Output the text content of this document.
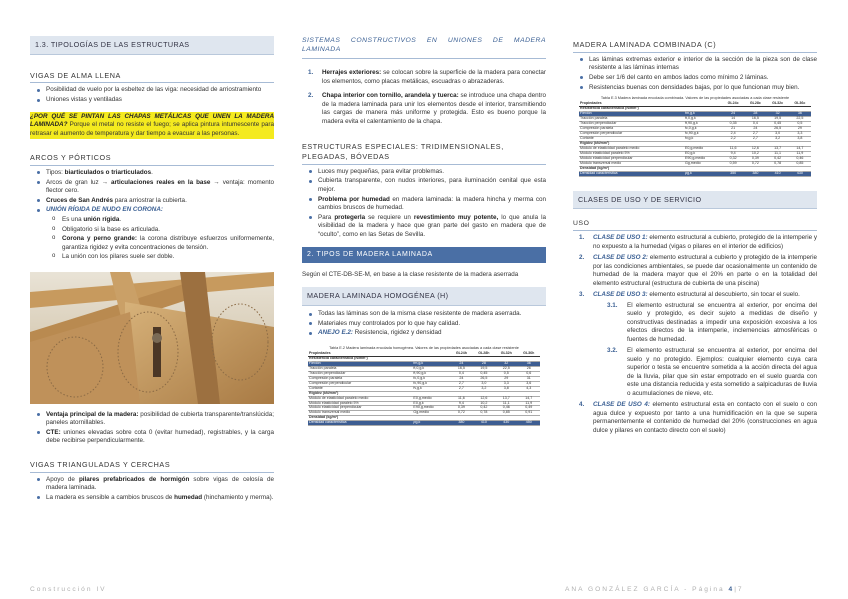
1.3. TIPOLOGÍAS DE LAS ESTRUCTURAS
VIGAS DE ALMA LLENA
Posibilidad de vuelo por la esbeltez de las viga: necesidad de arriostramiento
Uniones vistas y ventiladas
¿POR QUÉ SE PINTAN LAS CHAPAS METÁLICAS QUE UNEN LA MADERA LAMINADA? Porque el metal no resiste el fuego; se aplica pintura intumescente para retrasar el aumento de temperatura y dar tiempo a evacuar a las personas.
ARCOS Y PÓRTICOS
Tipos: biarticulados o triarticulados.
Arcos de gran luz → articulaciones reales en la base → ventaja: momento flector cero.
Cruces de San Andrés para arriostrar la cubierta.
UNIÓN RÍGIDA DE NUDO EN CORONA:
o Es una unión rígida.
o Obligatorio si la base es articulada.
o Corona y perno grande: la corona distribuye esfuerzos uniformemente, garantiza rigidez y evita concentraciones de tensión.
o La unión con los pilares suele ser doble.
Ventaja principal de la madera: posibilidad de cubierta transparente/translúcida; paneles atornillables.
CTE: uniones elevadas sobre cota 0 (evitar humedad), registrables, y la carga debe recibirse perpendicularmente.
VIGAS TRIANGULADAS Y CERCHAS
Apoyo de pilares prefabricados de hormigón sobre vigas de celosía de madera laminada.
La madera es sensible a cambios bruscos de humedad (hinchamiento y merma).
SISTEMAS CONSTRUCTIVOS EN UNIONES DE MADERA LAMINADA
1. Herrajes exteriores: se colocan sobre la superficie de la madera para conectar los elementos, como placas metálicas, escuadras o abrazaderas.
2. Chapa interior con tornillo, arandela y tuerca: se introduce una chapa dentro de la madera laminada para unir los elementos desde el interior, transmitiendo las cargas de manera más uniforme y protegida. Esto es bueno porque la madera evita el calentamiento de la chapa.
ESTRUCTURAS ESPECIALES: TRIDIMENSIONALES, PLEGADAS, BÓVEDAS
Luces muy pequeñas, para evitar problemas.
Cubierta transparente, con nudos interiores, para iluminación cenital que esta mejor.
Problema por humedad en madera laminada: la madera hincha y merma con cambios bruscos de humedad.
Para protegerla se requiere un revestimiento muy potente, lo que anula la visibilidad de la madera y hace que gran parte del gasto en madera que de “oculto”, como en las Setas de Sevilla.
2. TIPOS DE MADERA LAMINADA
Según el CTE-DB-SE-M, en base a la clase resistente de la madera aserrada
MADERA LAMINADA HOMOGÉNEA (H)
Todas las láminas son de la misma clase resistente de madera aserrada.
Materiales muy controlados por lo que hay calidad.
ANEJO E.2: Resistencia, rigidez y densidad
Tabla E.2 Madera laminada encolada homogénea. Valores de las propiedades asociadas a cada clase resistente
Propiedades		GL24h	GL28h	GL32h	GL36h
Resistencia característica (N/mm²)					
Flexión	fm,g,k	24	28	32	36
Tracción paralela	ft,0,g,k	16,5	19,5	22,5	26
Tracción perpendicular	ft,90,g,k	0,4	0,45	0,5	0,6
Compresión paralela	fc,0,g,k	24	26,5	29	31
Compresión perpendicular	fc,90,g,k	2,7	3,0	3,3	3,6
Cortante	fv,g,k	2,7	3,2	3,8	4,3
Rigidez (kN/mm²)					
Módulo de elasticidad paralelo medio	E0,g,medio	11,6	12,6	13,7	14,7
Módulo elasticidad paralelo 5%	E0,g,k	9,4	10,2	11,1	11,9
Módulo elasticidad perpendicular	E90,g,medio	0,39	0,42	0,46	0,49
Módulo transversal medio	Gg,medio	0,72	0,78	0,85	0,91
Densidad (kg/m³)					
Densidad característica	ρg,k	380	410	430	450
MADERA LAMINADA COMBINADA (C)
Las láminas extremas exterior e interior de la sección de la pieza son de clase resistente a las láminas internas
Debe ser 1/6 del canto en ambos lados como mínimo 2 láminas.
Resistencias buenas con densidades bajas, por lo que funcionan muy bien.
Tabla E.3 Madera laminada encolada combinada. Valores de las propiedades asociadas a cada clase resistente
Propiedades		GL24c	GL28c	GL32c	GL36c
Resistencia característica (N/mm²)					
Flexión	fm,g,k	24	28	32	36
Tracción paralela	ft,0,g,k	14	16,5	19,5	22,5
Tracción perpendicular	ft,90,g,k	0,35	0,4	0,45	0,5
Compresión paralela	fc,0,g,k	21	24	26,5	29
Compresión perpendicular	fc,90,g,k	2,4	2,7	3,0	3,3
Cortante	fv,g,k	2,2	2,7	3,2	3,8
Rigidez (kN/mm²)					
Módulo de elasticidad paralelo medio	E0,g,medio	11,6	12,6	13,7	14,7
Módulo elasticidad paralelo 5%	E0,g,k	9,4	10,2	11,1	11,9
Módulo elasticidad perpendicular	E90,g,medio	0,32	0,39	0,42	0,46
Módulo transversal medio	Gg,medio	0,59	0,72	0,78	0,85
Densidad (kg/m³)					
Densidad característica	ρg,k	350	380	410	430
CLASES DE USO Y DE SERVICIO
USO
1. CLASE DE USO 1: elemento estructural a cubierto, protegido de la intemperie y no expuesto a la humedad (vigas o pilares en el interior de edificios)
2. CLASE DE USO 2: elemento estructural a cubierto y protegido de la intemperie por las condiciones ambientales, se puede dar ocasionalmente un contenido de humedad de la madera mayor que el 20% en parte o en la totalidad del elemento estructural (estructura de cubierta de una piscina)
3. CLASE DE USO 3: elemento estructural al descubierto, sin tocar el suelo.
3.1. El elemento estructural se encuentra al exterior, por encima del suelo y protegido, es decir sujeto a medidas de diseño y constructivas destinadas a impedir una exposición excesiva a los efectos directos de la intemperie, inclemencias atmosféricas o fuentes de humedad.
3.2. El elemento estructural se encuentra al exterior, por encima del suelo y no protegido. Ejemplos: cualquier elemento cuya cara superior o testa se encuentre sometida a la acción directa del agua de la lluvia, pilar que sin estar empotrado en el suelo guarda con este una distancia reducida y esta sometido a salpicaduras de lluvia o acumulaciones de nieve, etc.
4. CLASE DE USO 4: elemento estructural esta en contacto con el suelo o con agua dulce y expuesto por tanto a una humidificación en la que se supera permanentemente el contenido de humedad del 20% (construcciones en agua dulce y pilares en contacto directo con el suelo)
Construcción IV	ANA GONZÁLEZ GARCÍA - Página 4|7
